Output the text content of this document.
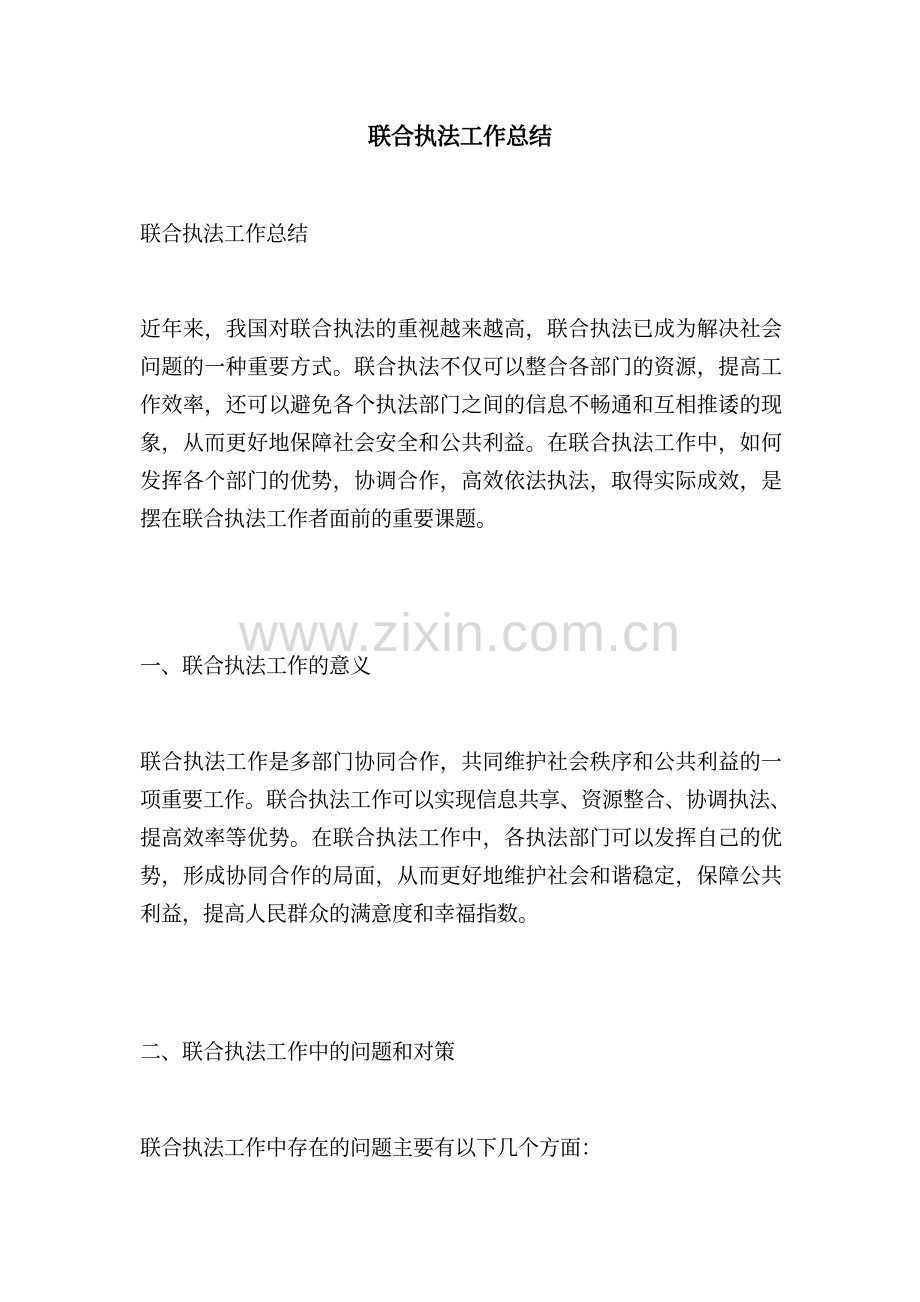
联合执法工作总结

联合执法工作总结

近年来，我国对联合执法的重视越来越高，联合执法已成为解决社会
问题的一种重要方式。联合执法不仅可以整合各部门的资源，提高工
作效率，还可以避免各个执法部门之间的信息不畅通和互相推诿的现
象，从而更好地保障社会安全和公共利益。在联合执法工作中，如何
发挥各个部门的优势，协调合作，高效依法执法，取得实际成效，是
摆在联合执法工作者面前的重要课题。

www.zixin.com.cn

一、联合执法工作的意义

联合执法工作是多部门协同合作，共同维护社会秩序和公共利益的一
项重要工作。联合执法工作可以实现信息共享、资源整合、协调执法、
提高效率等优势。在联合执法工作中，各执法部门可以发挥自己的优
势，形成协同合作的局面，从而更好地维护社会和谐稳定，保障公共
利益，提高人民群众的满意度和幸福指数。

二、联合执法工作中的问题和对策

联合执法工作中存在的问题主要有以下几个方面：
